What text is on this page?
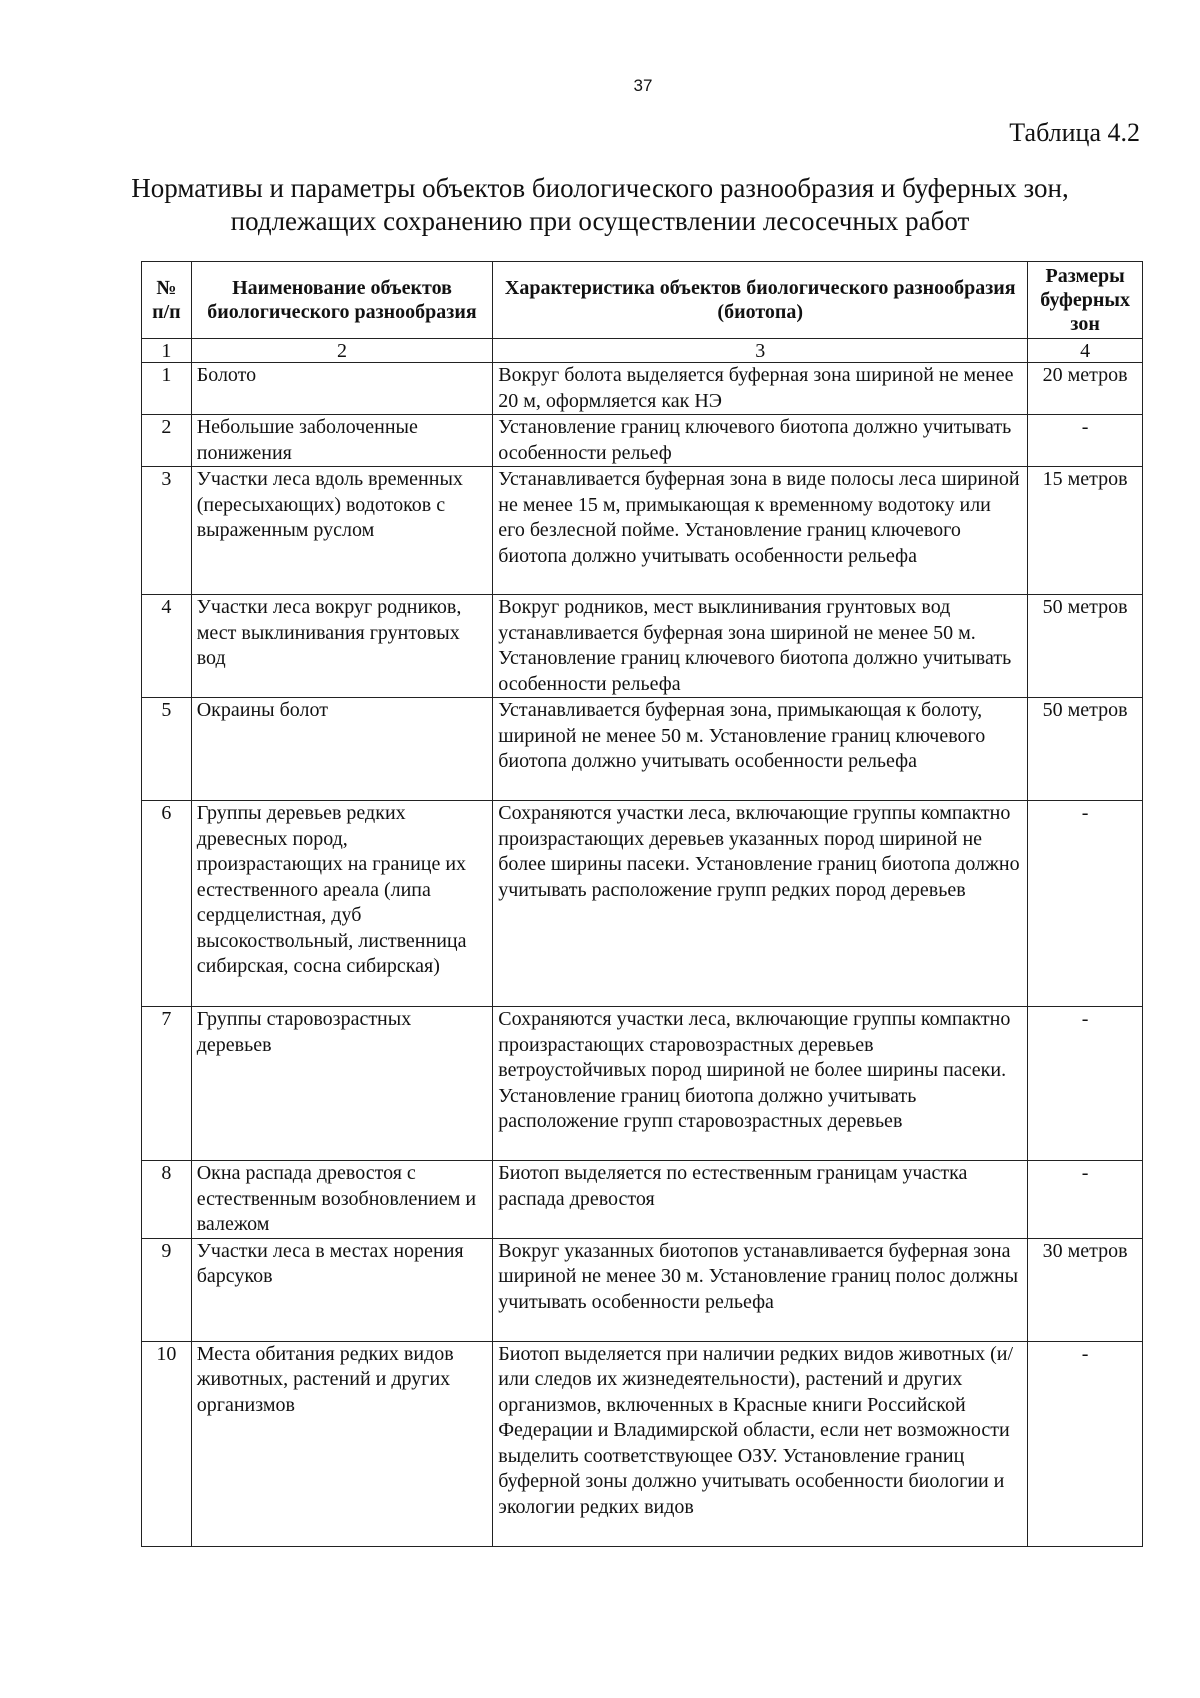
37
Таблица 4.2
Нормативы и параметры объектов биологического разнообразия и буферных зон,
подлежащих сохранению при осуществлении лесосечных работ
№ п/п	Наименование объектов биологического разнообразия	Характеристика объектов биологического разнообразия (биотопа)	Размеры буферных зон
1	2	3	4
1	Болото	Вокруг болота выделяется буферная зона шириной не менее 20 м, оформляется как НЭ	20 метров
2	Небольшие заболоченные понижения	Установление границ ключевого биотопа должно учитывать особенности рельеф	-
3	Участки леса вдоль временных (пересыхающих) водотоков с выраженным руслом	Устанавливается буферная зона в виде полосы леса шириной не менее 15 м, примыкающая к временному водотоку или его безлесной пойме. Установление границ ключевого биотопа должно учитывать особенности рельефа	15 метров
4	Участки леса вокруг родников, мест выклинивания грунтовых вод	Вокруг родников, мест выклинивания грунтовых вод устанавливается буферная зона шириной не менее 50 м. Установление границ ключевого биотопа должно учитывать особенности рельефа	50 метров
5	Окраины болот	Устанавливается буферная зона, примыкающая к болоту, шириной не менее 50 м. Установление границ ключевого биотопа должно учитывать особенности рельефа	50 метров
6	Группы деревьев редких древесных пород, произрастающих на границе их естественного ареала (липа сердцелистная, дуб высокоствольный, лиственница сибирская, сосна сибирская)	Сохраняются участки леса, включающие группы компактно произрастающих деревьев указанных пород шириной не более ширины пасеки. Установление границ биотопа должно учитывать расположение групп редких пород деревьев	-
7	Группы старовозрастных деревьев	Сохраняются участки леса, включающие группы компактно произрастающих старовозрастных деревьев ветроустойчивых пород шириной не более ширины пасеки. Установление границ биотопа должно учитывать расположение групп старовозрастных деревьев	-
8	Окна распада древостоя с естественным возобновлением и валежом	Биотоп выделяется по естественным границам участка распада древостоя	-
9	Участки леса в местах норения барсуков	Вокруг указанных биотопов устанавливается буферная зона шириной не менее 30 м. Установление границ полос должны учитывать особенности рельефа	30 метров
10	Места обитания редких видов животных, растений и других организмов	Биотоп выделяется при наличии редких видов животных (и/или следов их жизнедеятельности), растений и других организмов, включенных в Красные книги Российской Федерации и Владимирской области, если нет возможности выделить соответствующее ОЗУ. Установление границ буферной зоны должно учитывать особенности биологии и экологии редких видов	-
